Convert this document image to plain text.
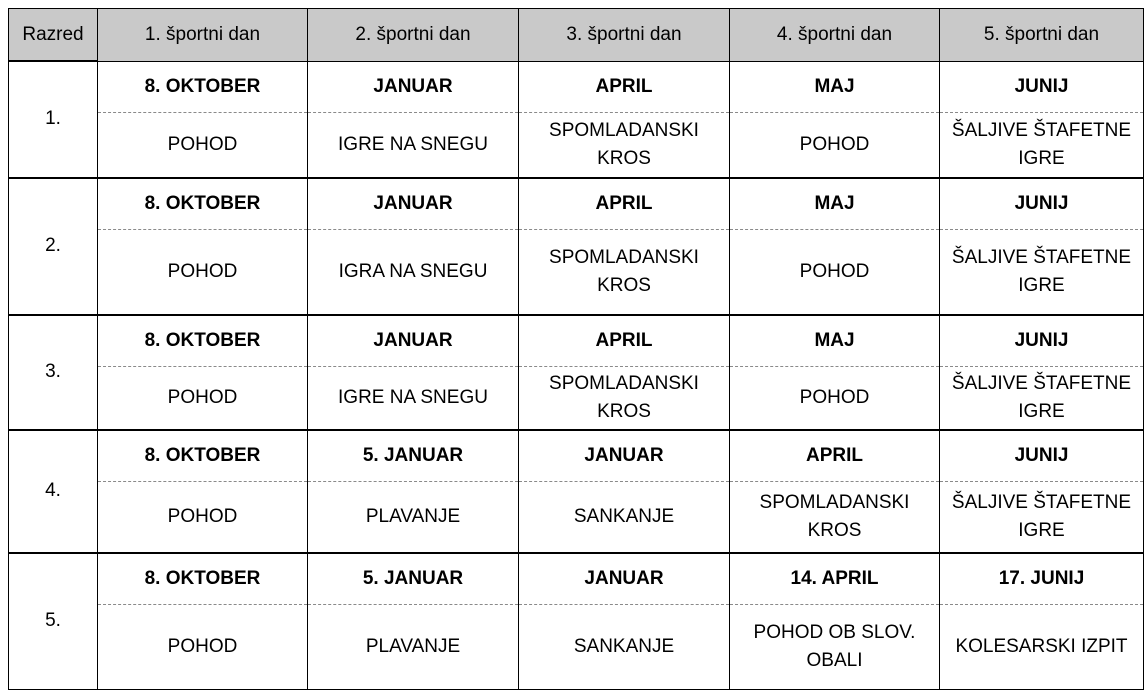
Razred	1. športni dan	2. športni dan	3. športni dan	4. športni dan	5. športni dan
1.	8. OKTOBER	JANUAR	APRIL	MAJ	JUNIJ
	POHOD	IGRE NA SNEGU	SPOMLADANSKI KROS	POHOD	ŠALJIVE ŠTAFETNE IGRE
2.	8. OKTOBER	JANUAR	APRIL	MAJ	JUNIJ
	POHOD	IGRA NA SNEGU	SPOMLADANSKI KROS	POHOD	ŠALJIVE ŠTAFETNE IGRE
3.	8. OKTOBER	JANUAR	APRIL	MAJ	JUNIJ
	POHOD	IGRE NA SNEGU	SPOMLADANSKI KROS	POHOD	ŠALJIVE ŠTAFETNE IGRE
4.	8. OKTOBER	5. JANUAR	JANUAR	APRIL	JUNIJ
	POHOD	PLAVANJE	SANKANJE	SPOMLADANSKI KROS	ŠALJIVE ŠTAFETNE IGRE
5.	8. OKTOBER	5. JANUAR	JANUAR	14. APRIL	17. JUNIJ
	POHOD	PLAVANJE	SANKANJE	POHOD OB SLOV. OBALI	KOLESARSKI IZPIT
